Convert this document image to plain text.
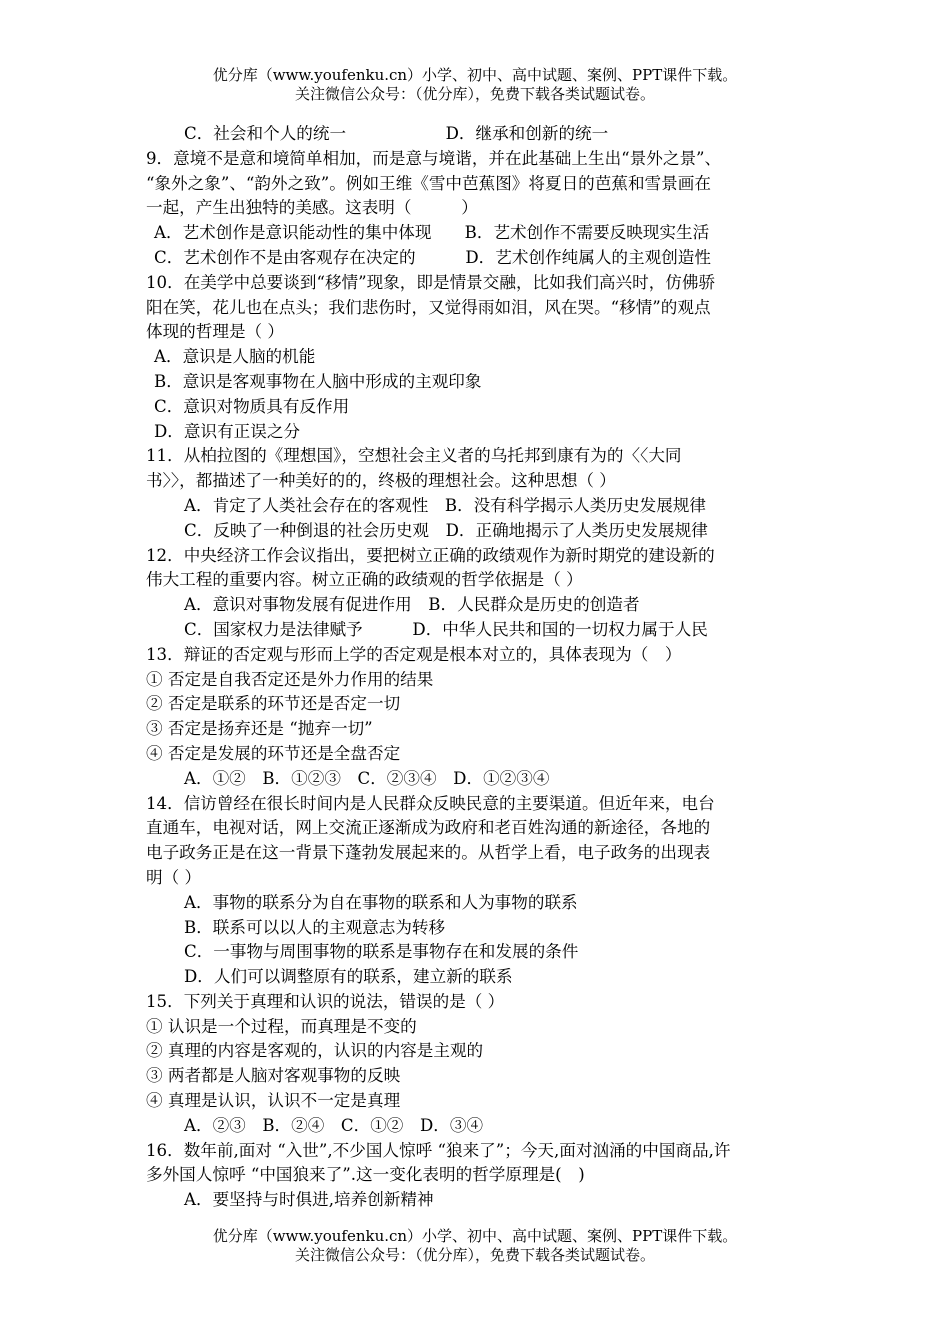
优分库（www.youfenku.cn）小学、初中、高中试题、案例、PPT课件下载。
关注微信公众号：（优分库），免费下载各类试题试卷。
C．社会和个人的统一　　　　　　D．继承和创新的统一
9．意境不是意和境简单相加，而是意与境谐，并在此基础上生出“景外之景”、
“象外之象”、“韵外之致”。例如王维《雪中芭蕉图》将夏日的芭蕉和雪景画在
一起，产生出独特的美感。这表明（　　　）
A．艺术创作是意识能动性的集中体现　　B．艺术创作不需要反映现实生活
C．艺术创作不是由客观存在决定的　　　D．艺术创作纯属人的主观创造性
10．在美学中总要谈到“移情”现象，即是情景交融，比如我们高兴时，仿佛骄
阳在笑，花儿也在点头；我们悲伤时，又觉得雨如泪，风在哭。“移情”的观点
体现的哲理是（ ）
A．意识是人脑的机能
B．意识是客观事物在人脑中形成的主观印象
C．意识对物质具有反作用
D．意识有正误之分
11．从柏拉图的《理想国》，空想社会主义者的乌托邦到康有为的〈〈大同
书〉〉，都描述了一种美好的的，终极的理想社会。这种思想（ ）
A．肯定了人类社会存在的客观性　B．没有科学揭示人类历史发展规律
C．反映了一种倒退的社会历史观　D．正确地揭示了人类历史发展规律
12．中央经济工作会议指出，要把树立正确的政绩观作为新时期党的建设新的
伟大工程的重要内容。树立正确的政绩观的哲学依据是（ ）
A．意识对事物发展有促进作用　B．人民群众是历史的创造者
C．国家权力是法律赋予　　　D．中华人民共和国的一切权力属于人民
13．辩证的否定观与形而上学的否定观是根本对立的，具体表现为（　）
① 否定是自我否定还是外力作用的结果
② 否定是联系的环节还是否定一切
③ 否定是扬弃还是 “抛弃一切”
④ 否定是发展的环节还是全盘否定
A．①②　B．①②③　C．②③④　D．①②③④
14．信访曾经在很长时间内是人民群众反映民意的主要渠道。但近年来，电台
直通车，电视对话，网上交流正逐渐成为政府和老百姓沟通的新途径，各地的
电子政务正是在这一背景下蓬勃发展起来的。从哲学上看，电子政务的出现表
明（ ）
A．事物的联系分为自在事物的联系和人为事物的联系
B．联系可以以人的主观意志为转移
C．一事物与周围事物的联系是事物存在和发展的条件
D．人们可以调整原有的联系，建立新的联系
15．下列关于真理和认识的说法，错误的是（ ）
① 认识是一个过程，而真理是不变的
② 真理的内容是客观的，认识的内容是主观的
③ 两者都是人脑对客观事物的反映
④ 真理是认识，认识不一定是真理
A．②③　B．②④　C．①②　D．③④
16．数年前,面对 “入世”,不少国人惊呼 “狼来了”；今天,面对汹涌的中国商品,许
多外国人惊呼 “中国狼来了”.这一变化表明的哲学原理是(　)
A．要坚持与时俱进,培养创新精神
优分库（www.youfenku.cn）小学、初中、高中试题、案例、PPT课件下载。
关注微信公众号：（优分库），免费下载各类试题试卷。
